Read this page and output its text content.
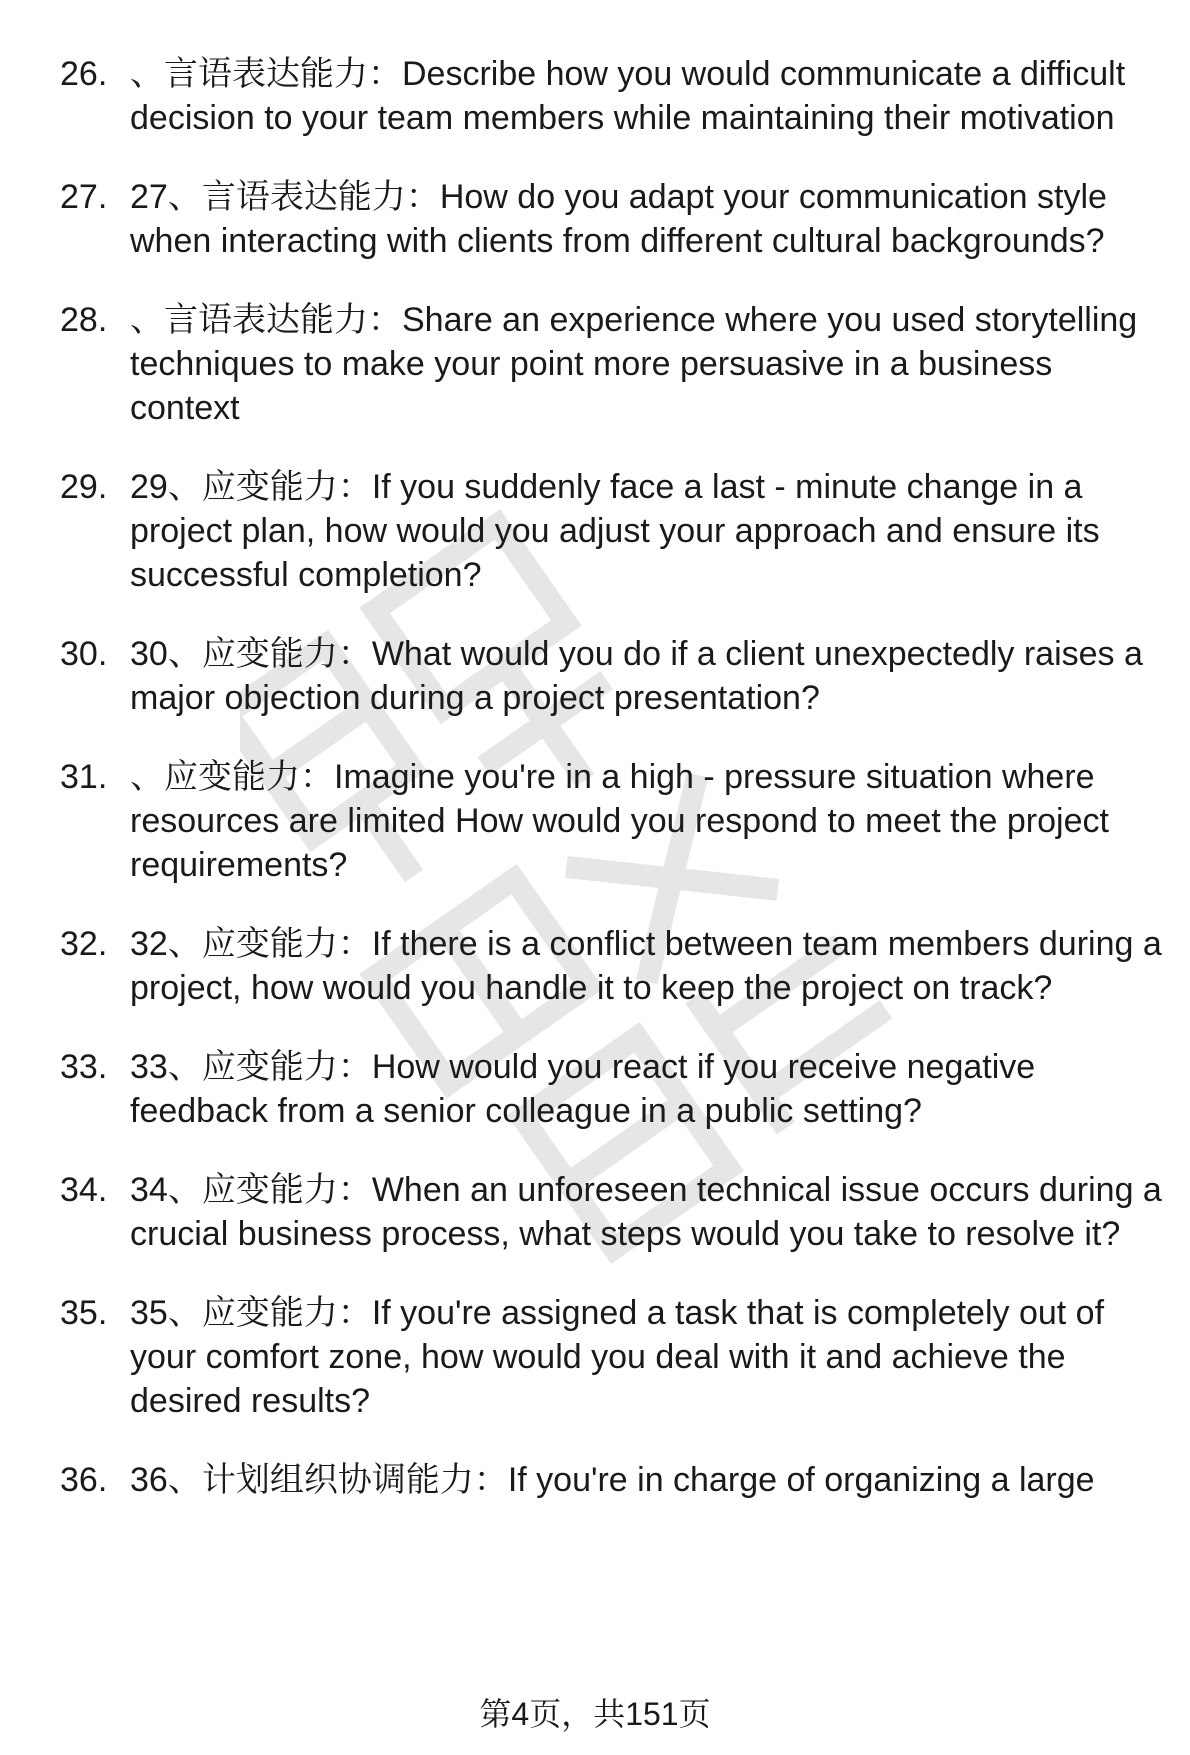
26. 、言语表达能力：Describe how you would communicate a difficult decision to your team members while maintaining their motivation
27. 27、言语表达能力：How do you adapt your communication style when interacting with clients from different cultural backgrounds?
28. 、言语表达能力：Share an experience where you used storytelling techniques to make your point more persuasive in a business context
29. 29、应变能力：If you suddenly face a last - minute change in a project plan, how would you adjust your approach and ensure its successful completion?
30. 30、应变能力：What would you do if a client unexpectedly raises a major objection during a project presentation?
31. 、应变能力：Imagine you're in a high - pressure situation where resources are limited How would you respond to meet the project requirements?
32. 32、应变能力：If there is a conflict between team members during a project, how would you handle it to keep the project on track?
33. 33、应变能力：How would you react if you receive negative feedback from a senior colleague in a public setting?
34. 34、应变能力：When an unforeseen technical issue occurs during a crucial business process, what steps would you take to resolve it?
35. 35、应变能力：If you're assigned a task that is completely out of your comfort zone, how would you deal with it and achieve the desired results?
36. 36、计划组织协调能力：If you're in charge of organizing a large
第4页，共151页
